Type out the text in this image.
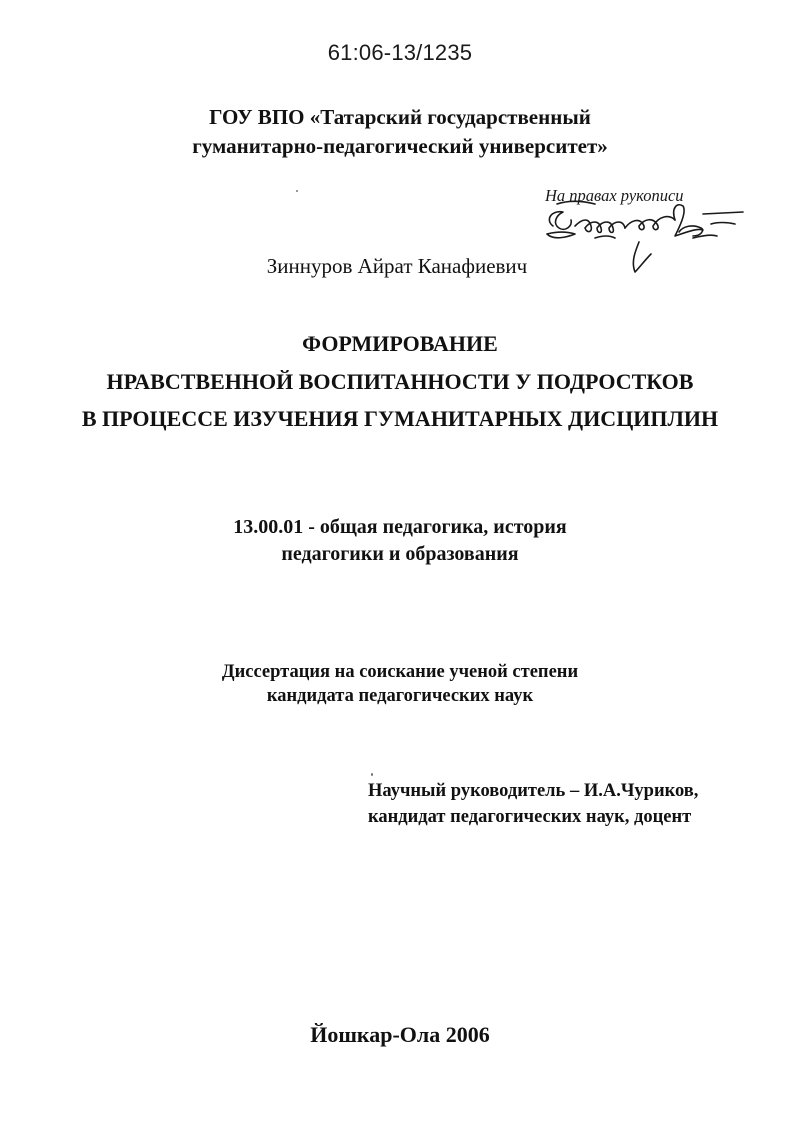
61:06-13/1235
ГОУ ВПО «Татарский государственный
гуманитарно-педагогический университет»
На правах рукописи
Зиннуров Айрат Канафиевич
ФОРМИРОВАНИЕ
НРАВСТВЕННОЙ ВОСПИТАННОСТИ У ПОДРОСТКОВ
В ПРОЦЕССЕ ИЗУЧЕНИЯ ГУМАНИТАРНЫХ ДИСЦИПЛИН
13.00.01 - общая педагогика, история
педагогики и образования
Диссертация на соискание ученой степени
кандидата педагогических наук
Научный руководитель – И.А.Чуриков,
кандидат педагогических наук, доцент
Йошкар-Ола 2006
